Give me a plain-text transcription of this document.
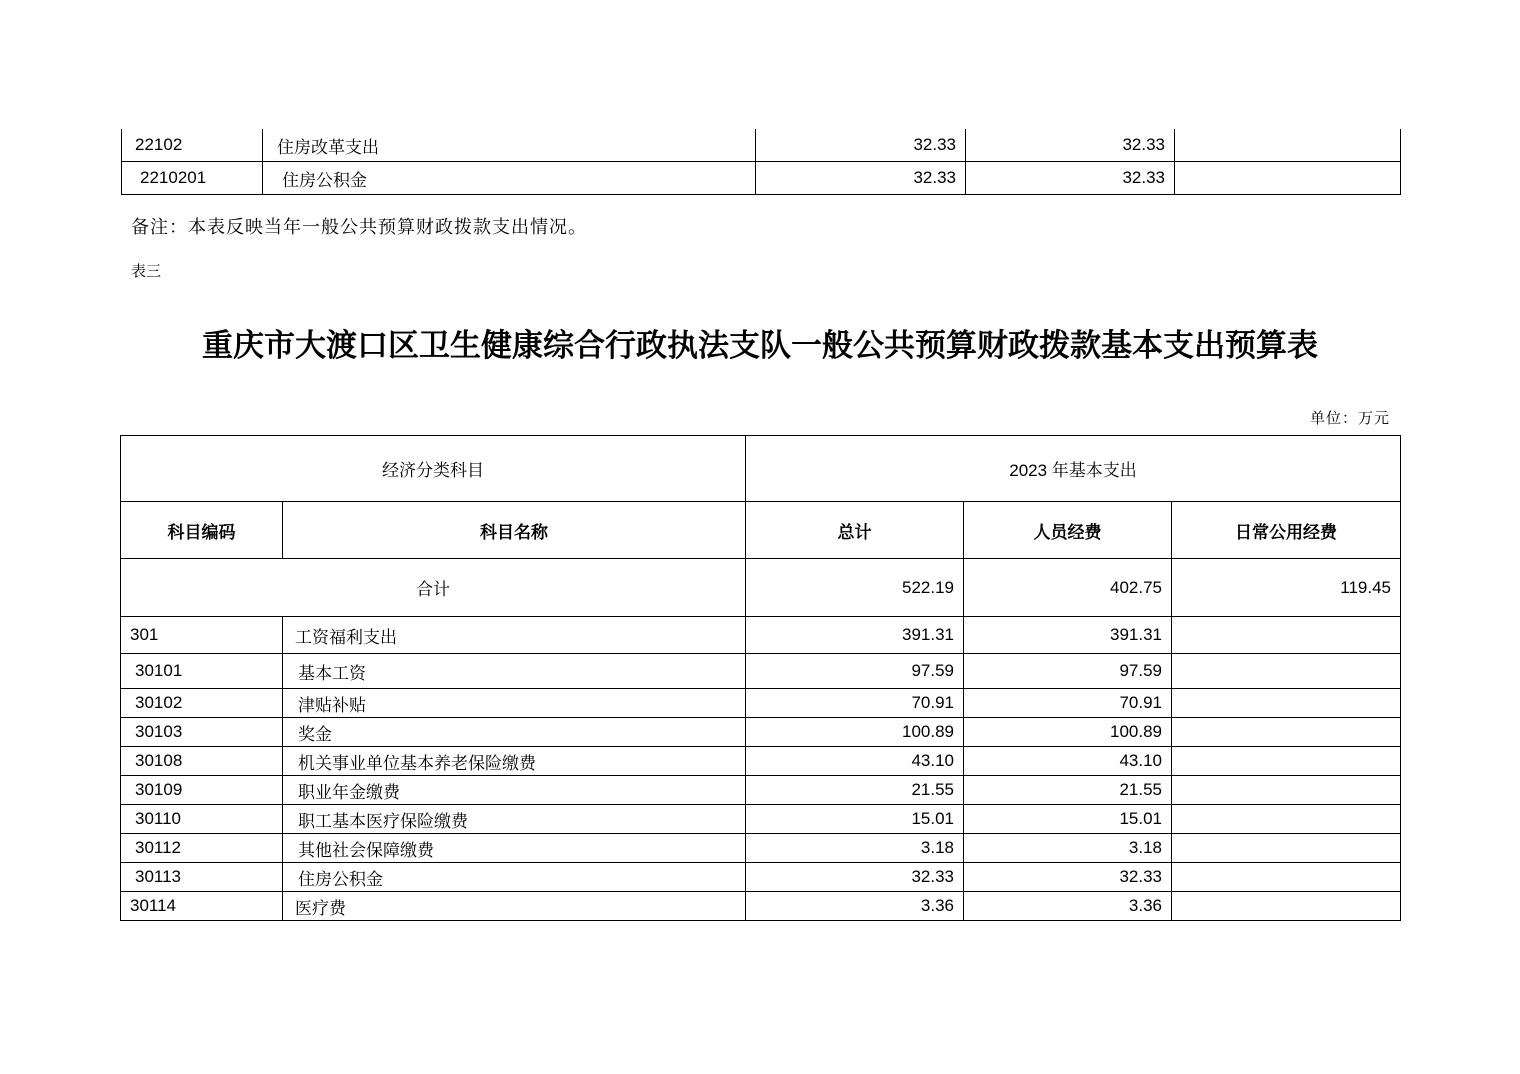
22102	住房改革支出	32.33	32.33	
2210201	住房公积金	32.33	32.33	
备注：本表反映当年一般公共预算财政拨款支出情况。
表三
重庆市大渡口区卫生健康综合行政执法支队一般公共预算财政拨款基本支出预算表
单位：万元
经济分类科目		2023 年基本支出		
科目编码	科目名称	总计	人员经费	日常公用经费
合计		522.19	402.75	119.45
301	工资福利支出	391.31	391.31	
30101	基本工资	97.59	97.59	
30102	津贴补贴	70.91	70.91	
30103	奖金	100.89	100.89	
30108	机关事业单位基本养老保险缴费	43.10	43.10	
30109	职业年金缴费	21.55	21.55	
30110	职工基本医疗保险缴费	15.01	15.01	
30112	其他社会保障缴费	3.18	3.18	
30113	住房公积金	32.33	32.33	
30114	医疗费	3.36	3.36	
